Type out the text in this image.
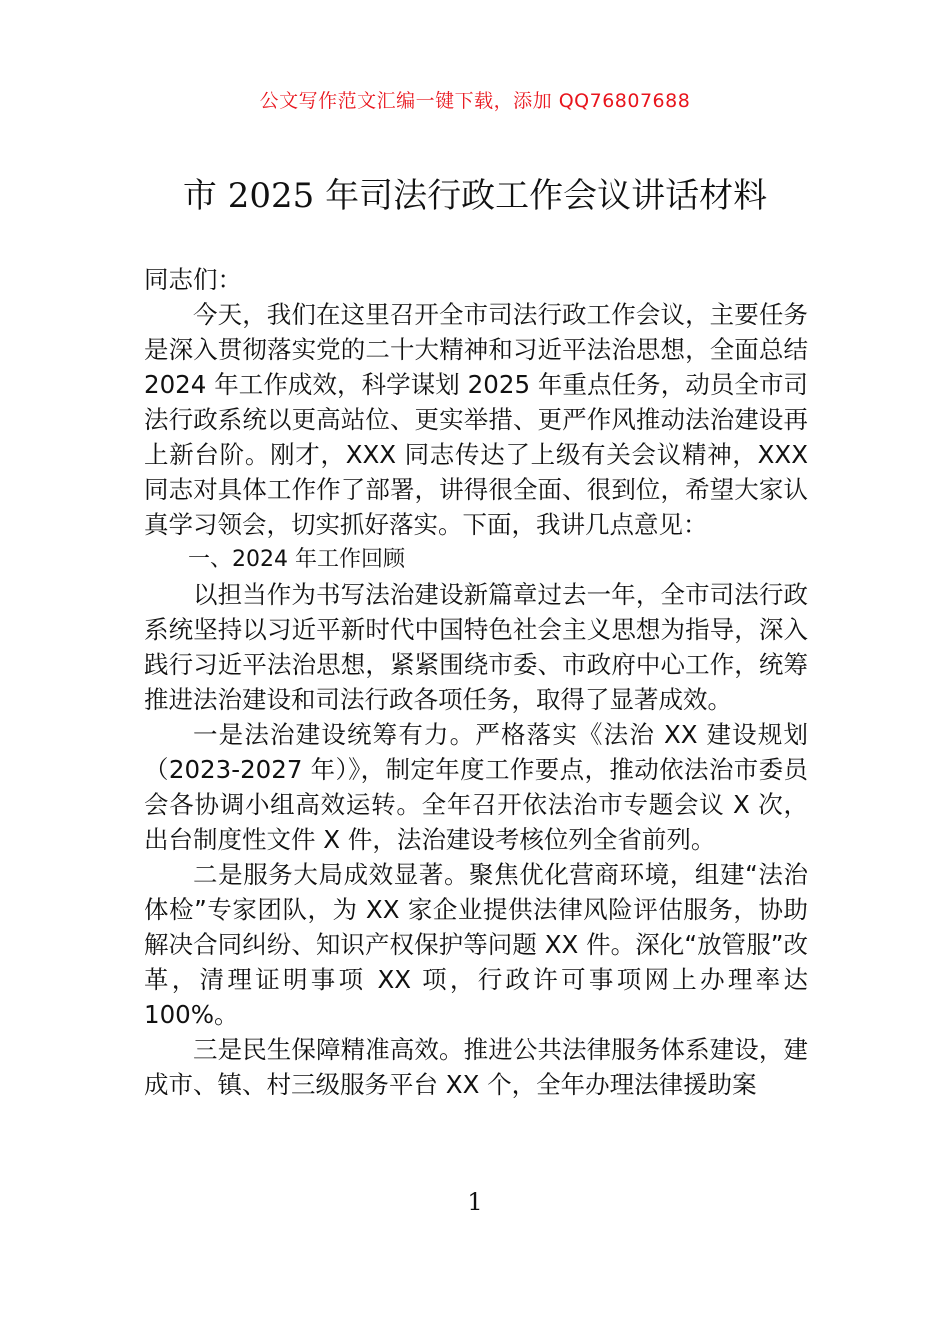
公文写作范文汇编一键下载，添加 QQ76807688
市 2025 年司法行政工作会议讲话材料

同志们：

今天，我们在这里召开全市司法行政工作会议，主要任务是深入贯彻落实党的二十大精神和习近平法治思想，全面总结 2024 年工作成效，科学谋划 2025 年重点任务，动员全市司法行政系统以更高站位、更实举措、更严作风推动法治建设再上新台阶。刚才，XXX 同志传达了上级有关会议精神，XXX 同志对具体工作作了部署，讲得很全面、很到位，希望大家认真学习领会，切实抓好落实。下面，我讲几点意见：

一、2024 年工作回顾

以担当作为书写法治建设新篇章过去一年，全市司法行政系统坚持以习近平新时代中国特色社会主义思想为指导，深入践行习近平法治思想，紧紧围绕市委、市政府中心工作，统筹推进法治建设和司法行政各项任务，取得了显著成效。

一是法治建设统筹有力。严格落实《法治 XX 建设规划（2023-2027 年）》，制定年度工作要点，推动依法治市委员会各协调小组高效运转。全年召开依法治市专题会议 X 次，出台制度性文件 X 件，法治建设考核位列全省前列。

二是服务大局成效显著。聚焦优化营商环境，组建“法治体检”专家团队，为 XX 家企业提供法律风险评估服务，协助解决合同纠纷、知识产权保护等问题 XX 件。深化“放管服”改革，清理证明事项 XX 项，行政许可事项网上办理率达 100%。

三是民生保障精准高效。推进公共法律服务体系建设，建成市、镇、村三级服务平台 XX 个，全年办理法律援助案

1
